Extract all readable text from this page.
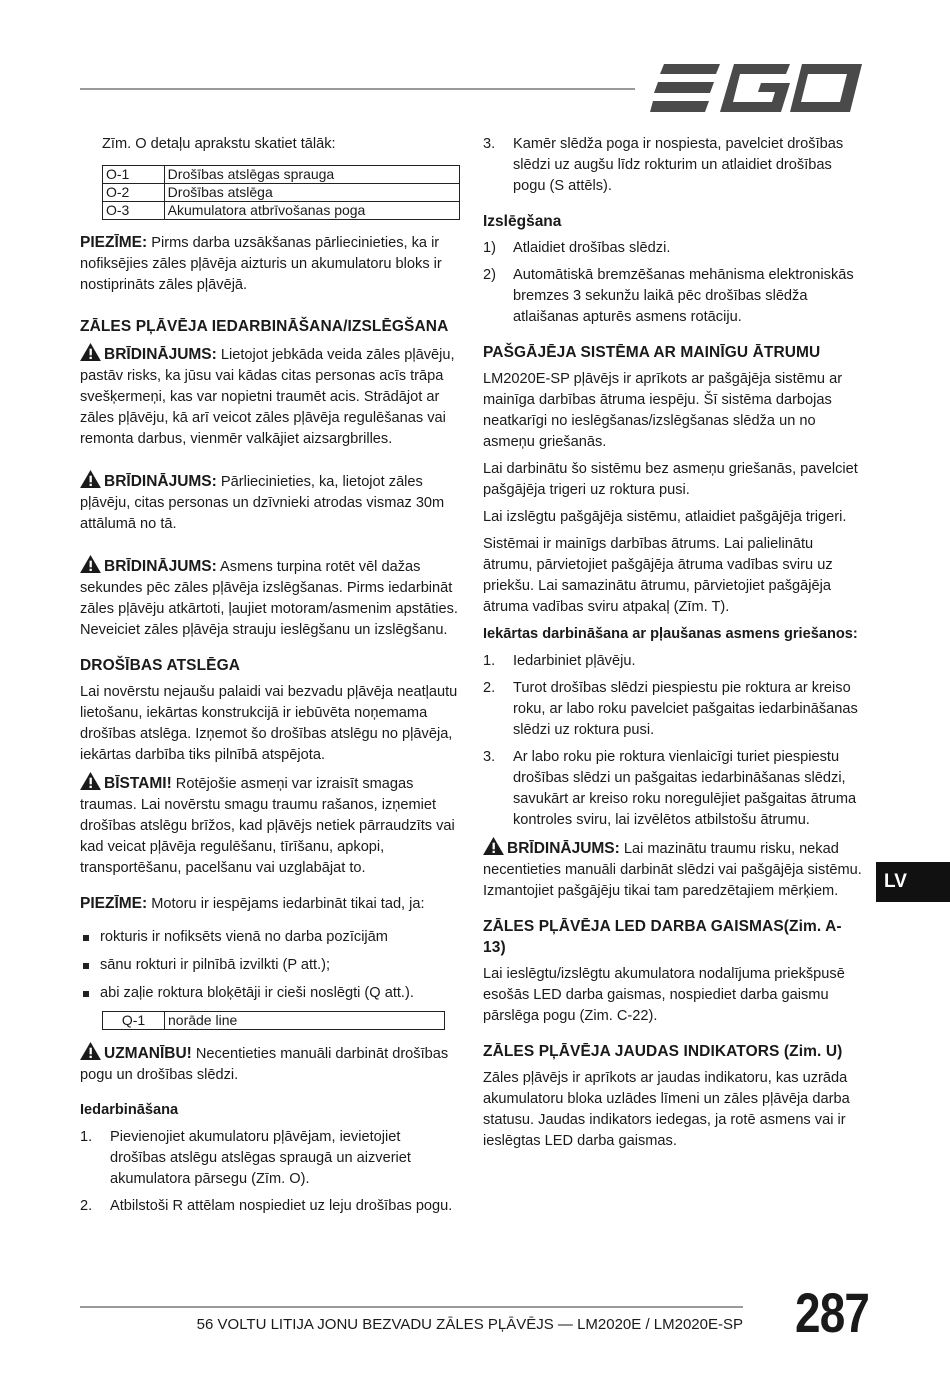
Zīm. O detaļu aprakstu skatiet tālāk:

O-1	Drošības atslēgas sprauga
O-2	Drošības atslēga
O-3	Akumulatora atbrīvošanas poga

PIEZĪME: Pirms darba uzsākšanas pārliecinieties, ka ir nofiksējies zāles pļāvēja aizturis un akumulatoru bloks ir nostiprināts zāles pļāvējā.

ZĀLES PĻĀVĒJA IEDARBINĀŠANA/IZSLĒGŠANA

BRĪDINĀJUMS: Lietojot jebkāda veida zāles pļāvēju, pastāv risks, ka jūsu vai kādas citas personas acīs trāpa svešķermeņi, kas var nopietni traumēt acis. Strādājot ar zāles pļāvēju, kā arī veicot zāles pļāvēja regulēšanas vai remonta darbus, vienmēr valkājiet aizsargbrilles.

BRĪDINĀJUMS: Pārliecinieties, ka, lietojot zāles pļāvēju, citas personas un dzīvnieki atrodas vismaz 30m attālumā no tā.

BRĪDINĀJUMS: Asmens turpina rotēt vēl dažas sekundes pēc zāles pļāvēja izslēgšanas. Pirms iedarbināt zāles pļāvēju atkārtoti, ļaujiet motoram/asmenim apstāties. Neveiciet zāles pļāvēja strauju ieslēgšanu un izslēgšanu.

DROŠĪBAS ATSLĒGA

Lai novērstu nejaušu palaidi vai bezvadu pļāvēja neatļautu lietošanu, iekārtas konstrukcijā ir iebūvēta noņemama drošības atslēga. Izņemot šo drošības atslēgu no pļāvēja, iekārtas darbība tiks pilnībā atspējota.

BĪSTAMI! Rotējošie asmeņi var izraisīt smagas traumas. Lai novērstu smagu traumu rašanos, izņemiet drošības atslēgu brīžos, kad pļāvējs netiek pārraudzīts vai kad veicat pļāvēja regulēšanu, tīrīšanu, apkopi, transportēšanu, pacelšanu vai uzglabājat to.

PIEZĪME: Motoru ir iespējams iedarbināt tikai tad, ja:

rokturis ir nofiksēts vienā no darba pozīcijām
sānu rokturi ir pilnībā izvilkti (P att.);
abi zaļie roktura bloķētāji ir cieši noslēgti (Q att.).
Q-1	norāde line

UZMANĪBU! Necentieties manuāli darbināt drošības pogu un drošības slēdzi.

Iedarbināšana
1. Pievienojiet akumulatoru pļāvējam, ievietojiet drošības atslēgu atslēgas spraugā un aizveriet akumulatora pārsegu (Zīm. O).
2. Atbilstoši R attēlam nospiediet uz leju drošības pogu.
3. Kamēr slēdža poga ir nospiesta, pavelciet drošības slēdzi uz augšu līdz rokturim un atlaidiet drošības pogu (S attēls).
Izslēgšana
1) Atlaidiet drošības slēdzi.
2) Automātiskā bremzēšanas mehānisma elektroniskās bremzes 3 sekunžu laikā pēc drošības slēdža atlaišanas apturēs asmens rotāciju.
PAŠGĀJĒJA SISTĒMA AR MAINĪGU ĀTRUMU

LM2020E-SP pļāvējs ir aprīkots ar pašgājēja sistēmu ar mainīga darbības ātruma iespēju. Šī sistēma darbojas neatkarīgi no ieslēgšanas/izslēgšanas slēdža un no asmeņu griešanās.

Lai darbinātu šo sistēmu bez asmeņu griešanās, pavelciet pašgājēja trigeri uz roktura pusi.

Lai izslēgtu pašgājēja sistēmu, atlaidiet pašgājēja trigeri.

Sistēmai ir mainīgs darbības ātrums. Lai palielinātu ātrumu, pārvietojiet pašgājēja ātruma vadības sviru uz priekšu. Lai samazinātu ātrumu, pārvietojiet pašgājēja ātruma vadības sviru atpakaļ (Zīm. T).

Iekārtas darbināšana ar pļaušanas asmens griešanos:
1. Iedarbiniet pļāvēju.
2. Turot drošības slēdzi piespiestu pie roktura ar kreiso roku, ar labo roku pavelciet pašgaitas iedarbināšanas slēdzi uz roktura pusi.
3. Ar labo roku pie roktura vienlaicīgi turiet piespiestu drošības slēdzi un pašgaitas iedarbināšanas slēdzi, savukārt ar kreiso roku noregulējiet pašgaitas ātruma kontroles sviru, lai izvēlētos atbilstošu ātrumu.

BRĪDINĀJUMS: Lai mazinātu traumu risku, nekad necentieties manuāli darbināt slēdzi vai pašgājēja sistēmu. Izmantojiet pašgājēju tikai tam paredzētajiem mērķiem.

ZĀLES PĻĀVĒJA LED DARBA GAISMAS(Zim. A-13)

Lai ieslēgtu/izslēgtu akumulatora nodalījuma priekšpusē esošās LED darba gaismas, nospiediet darba gaismu pārslēga pogu (Zim. C-22).

ZĀLES PĻĀVĒJA JAUDAS INDIKATORS (Zim. U)

Zāles pļāvējs ir aprīkots ar jaudas indikatoru, kas uzrāda akumulatoru bloka uzlādes līmeni un zāles pļāvēja darba statusu. Jaudas indikators iedegas, ja rotē asmens vai ir ieslēgtas LED darba gaismas.

LV
56 VOLTU LITIJA JONU BEZVADU ZĀLES PĻĀVĒJS — LM2020E / LM2020E-SP 287
